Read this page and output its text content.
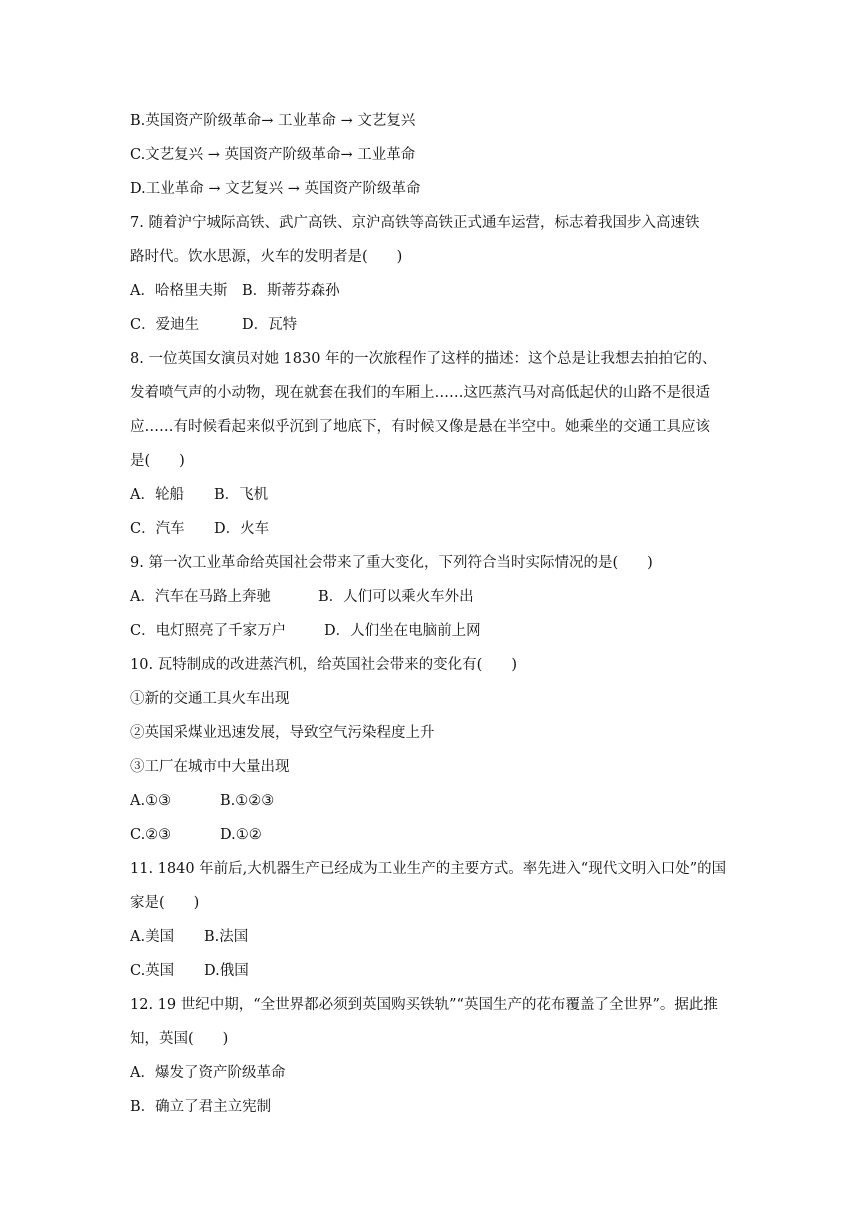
B.英国资产阶级革命→ 工业革命 → 文艺复兴
C.文艺复兴 → 英国资产阶级革命→ 工业革命
D.工业革命 → 文艺复兴 → 英国资产阶级革命
7. 随着沪宁城际高铁、武广高铁、京沪高铁等高铁正式通车运营，标志着我国步入高速铁
路时代。饮水思源，火车的发明者是(　　)
A．哈格里夫斯	B．斯蒂芬森孙
C．爱迪生	D．瓦特
8. 一位英国女演员对她 1830 年的一次旅程作了这样的描述：这个总是让我想去拍拍它的、
发着喷气声的小动物，现在就套在我们的车厢上……这匹蒸汽马对高低起伏的山路不是很适
应……有时候看起来似乎沉到了地底下，有时候又像是悬在半空中。她乘坐的交通工具应该
是(　　)
A．轮船	B．飞机
C．汽车	D．火车
9. 第一次工业革命给英国社会带来了重大变化，下列符合当时实际情况的是(　　)
A．汽车在马路上奔驰	B．人们可以乘火车外出
C．电灯照亮了千家万户	D．人们坐在电脑前上网
10. 瓦特制成的改进蒸汽机，给英国社会带来的变化有(　　)
①新的交通工具火车出现
②英国采煤业迅速发展，导致空气污染程度上升
③工厂在城市中大量出现
A.①③	B.①②③
C.②③	D.①②
11. 1840 年前后,大机器生产已经成为工业生产的主要方式。率先进入“现代文明入口处”的国
家是(　　)
A.美国	B.法国
C.英国	D.俄国
12. 19 世纪中期，“全世界都必须到英国购买铁轨”“英国生产的花布覆盖了全世界”。据此推
知，英国(　　)
A．爆发了资产阶级革命
B．确立了君主立宪制
